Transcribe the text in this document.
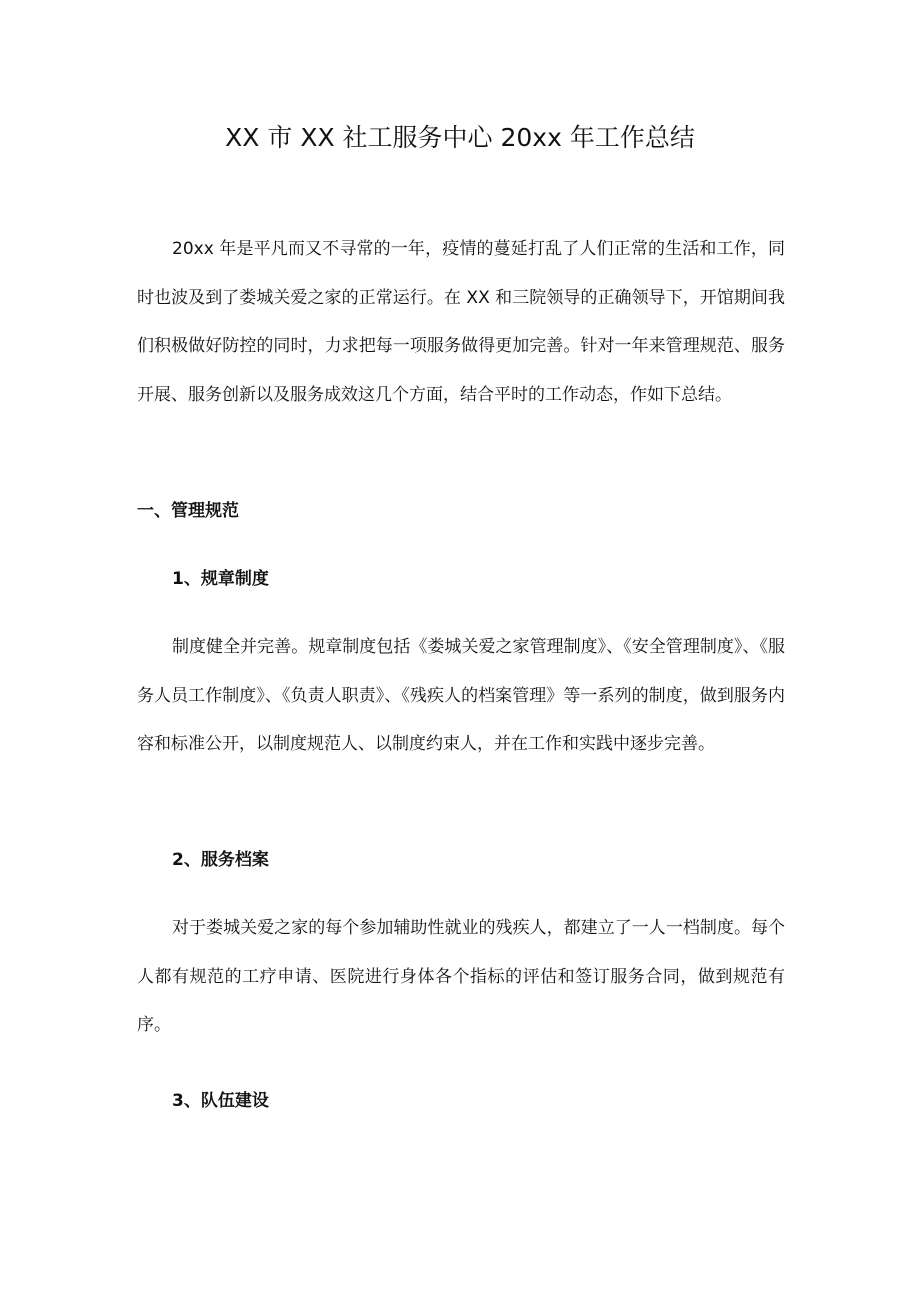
XX 市 XX 社工服务中心 20xx 年工作总结

20xx 年是平凡而又不寻常的一年，疫情的蔓延打乱了人们正常的生活和工作，同时也波及到了娄城关爱之家的正常运行。在 XX 和三院领导的正确领导下，开馆期间我们积极做好防控的同时，力求把每一项服务做得更加完善。针对一年来管理规范、服务开展、服务创新以及服务成效这几个方面，结合平时的工作动态，作如下总结。

一、管理规范
1、规章制度

制度健全并完善。规章制度包括《娄城关爱之家管理制度》、《安全管理制度》、《服务人员工作制度》、《负责人职责》、《残疾人的档案管理》等一系列的制度，做到服务内容和标准公开，以制度规范人、以制度约束人，并在工作和实践中逐步完善。

2、服务档案

对于娄城关爱之家的每个参加辅助性就业的残疾人，都建立了一人一档制度。每个人都有规范的工疗申请、医院进行身体各个指标的评估和签订服务合同，做到规范有序。

3、队伍建设
